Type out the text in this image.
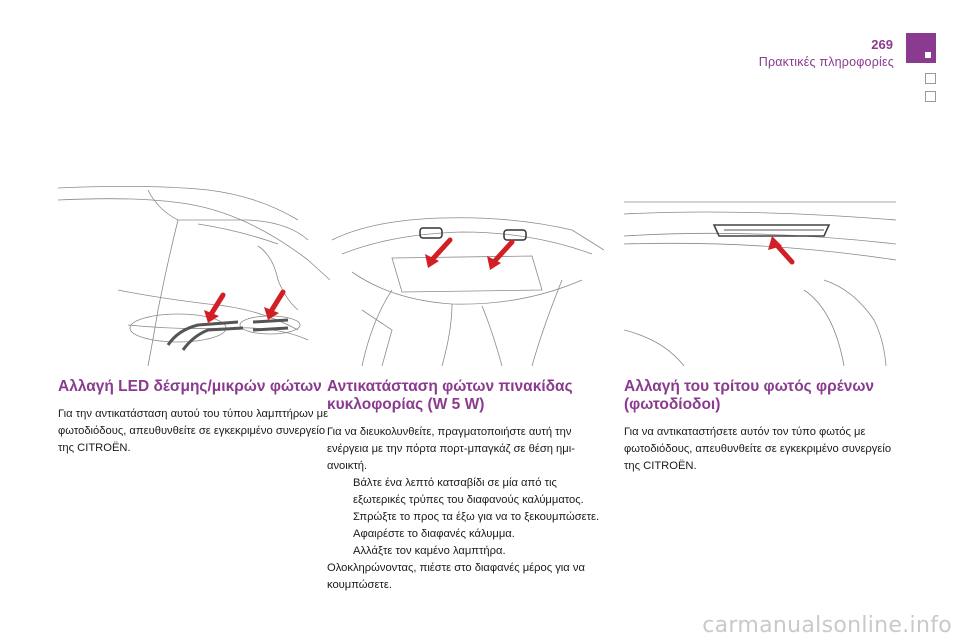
269
Πρακτικές πληροφορίες
Αλλαγή LED δέσμης/μικρών φώτων

Για την αντικατάσταση αυτού του τύπου λαμπτήρων με φωτοδιόδους, απευθυνθείτε σε εγκεκριμένο συνεργείο της CITROËN.

Αντικατάσταση φώτων πινακίδας κυκλοφορίας (W 5 W)

Για να διευκολυνθείτε, πραγματοποιήστε αυτή την ενέργεια με την πόρτα πορτ-μπαγκάζ σε θέση ημι-ανοικτή.

Βάλτε ένα λεπτό κατσαβίδι σε μία από τις εξωτερικές τρύπες του διαφανούς καλύμματος.
Σπρώξτε το προς τα έξω για να το ξεκουμπώσετε.
Αφαιρέστε το διαφανές κάλυμμα.
Αλλάξτε τον καμένο λαμπτήρα.

Ολοκληρώνοντας, πιέστε στο διαφανές μέρος για να κουμπώσετε.

Αλλαγή του τρίτου φωτός φρένων (φωτοδίοδοι)

Για να αντικαταστήσετε αυτόν τον τύπο φωτός με φωτοδιόδους, απευθυνθείτε σε εγκεκριμένο συνεργείο της CITROËN.

carmanualsonline.info
